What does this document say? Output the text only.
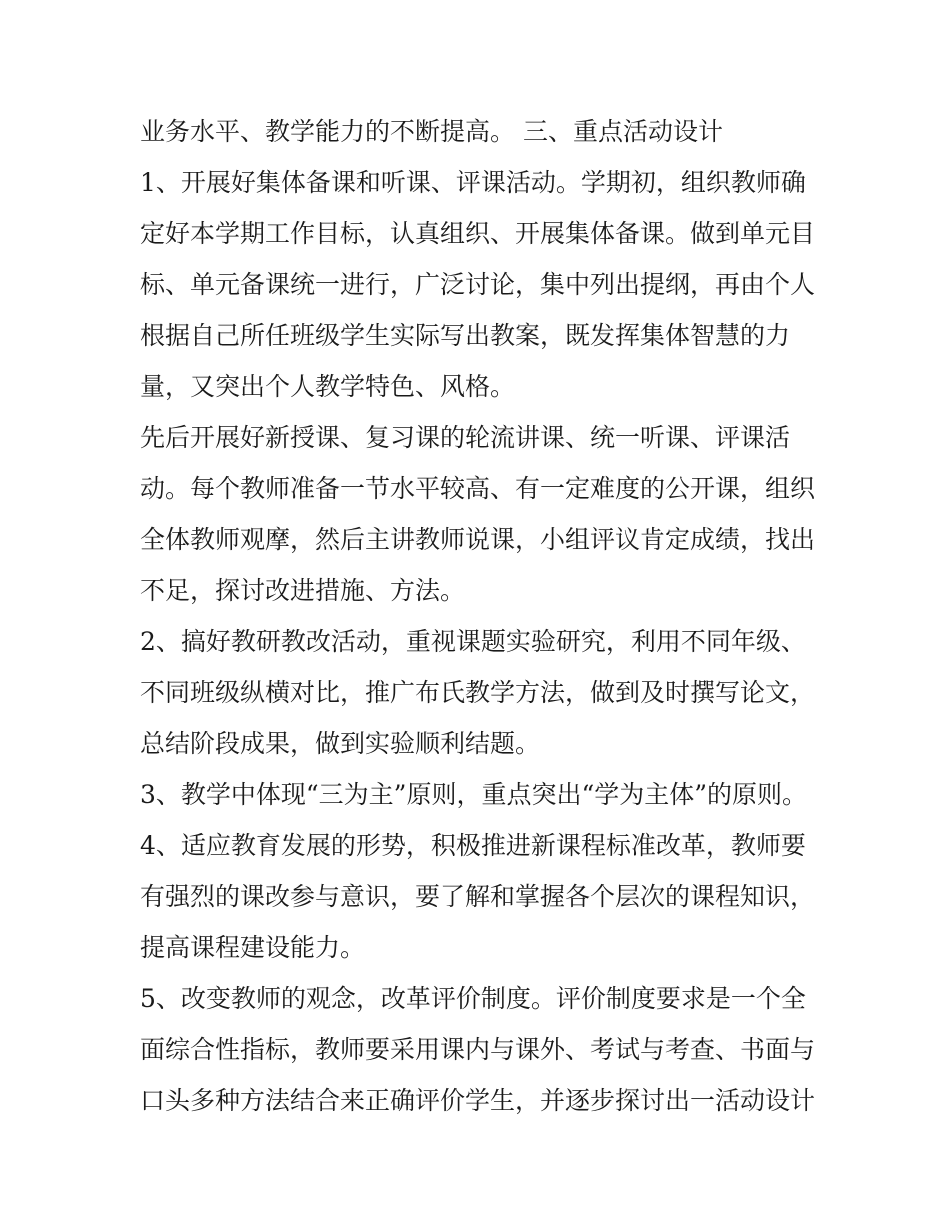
业务水平、教学能力的不断提高。 三、重点活动设计
1、开展好集体备课和听课、评课活动。学期初，组织教师确
定好本学期工作目标，认真组织、开展集体备课。做到单元目
标、单元备课统一进行，广泛讨论，集中列出提纲，再由个人
根据自己所任班级学生实际写出教案，既发挥集体智慧的力
量，又突出个人教学特色、风格。
先后开展好新授课、复习课的轮流讲课、统一听课、评课活
动。每个教师准备一节水平较高、有一定难度的公开课，组织
全体教师观摩，然后主讲教师说课，小组评议肯定成绩，找出
不足，探讨改进措施、方法。
2、搞好教研教改活动，重视课题实验研究，利用不同年级、
不同班级纵横对比，推广布氏教学方法，做到及时撰写论文，
总结阶段成果，做到实验顺利结题。
3、教学中体现“三为主”原则，重点突出“学为主体”的原则。
4、适应教育发展的形势，积极推进新课程标准改革，教师要
有强烈的课改参与意识，要了解和掌握各个层次的课程知识，
提高课程建设能力。
5、改变教师的观念，改革评价制度。评价制度要求是一个全
面综合性指标，教师要采用课内与课外、考试与考查、书面与
口头多种方法结合来正确评价学生，并逐步探讨出一活动设计
